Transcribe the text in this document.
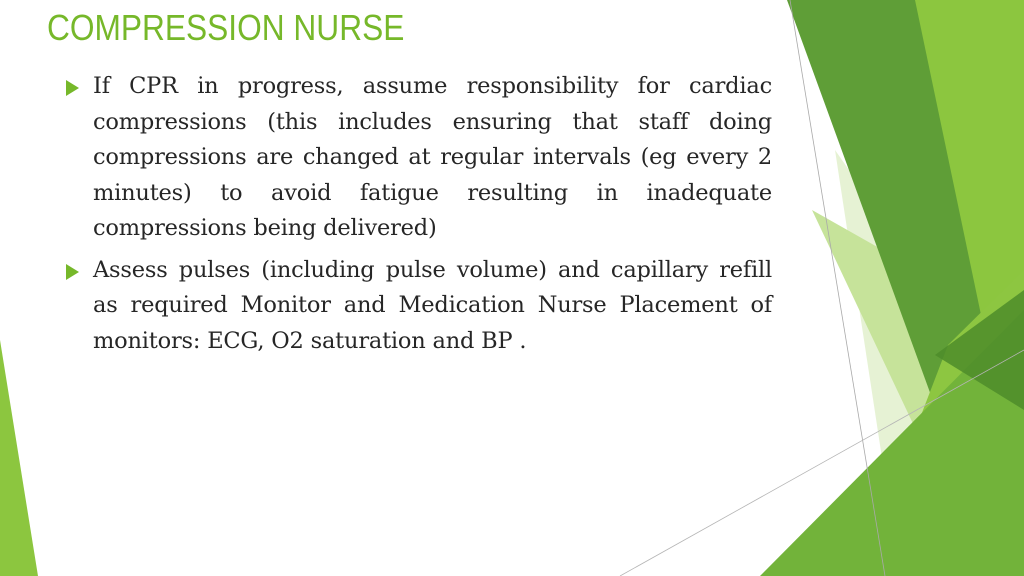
COMPRESSION NURSE
If CPR in progress, assume responsibility for cardiac compressions (this includes ensuring that staff doing compressions are changed at regular intervals (eg every 2 minutes) to avoid fatigue resulting in inadequate compressions being delivered)
Assess pulses (including pulse volume) and capillary refill as required Monitor and Medication Nurse Placement of monitors: ECG, O2 saturation and BP .
